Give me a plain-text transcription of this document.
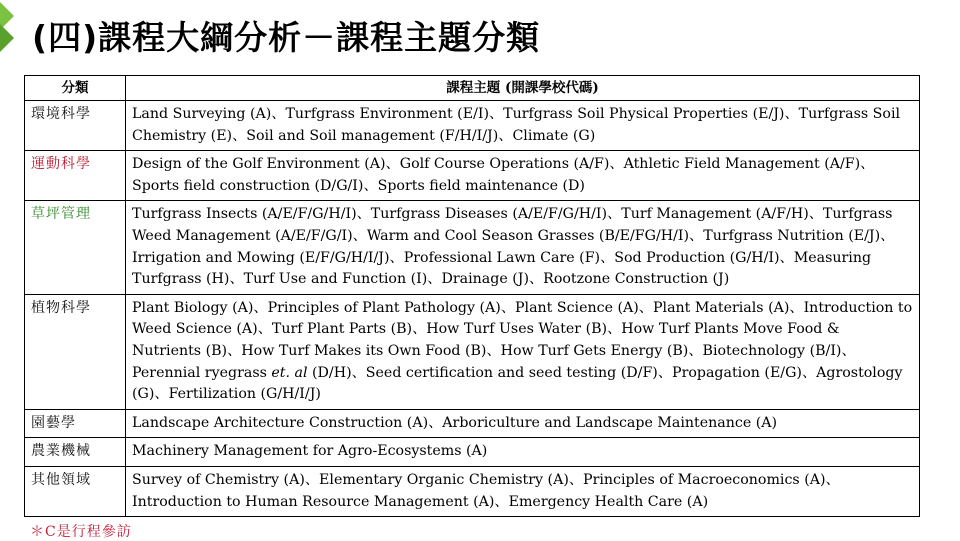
(四)課程大綱分析－課程主題分類
分類	課程主題 (開課學校代碼)
環境科學	Land Surveying (A)、Turfgrass Environment (E/I)、Turfgrass Soil Physical Properties (E/J)、Turfgrass Soil Chemistry (E)、Soil and Soil management (F/H/I/J)、Climate (G)
運動科學	Design of the Golf Environment (A)、Golf Course Operations (A/F)、Athletic Field Management (A/F)、Sports field construction (D/G/I)、Sports field maintenance (D)
草坪管理	Turfgrass Insects (A/E/F/G/H/I)、Turfgrass Diseases (A/E/F/G/H/I)、Turf Management (A/F/H)、Turfgrass Weed Management (A/E/F/G/I)、Warm and Cool Season Grasses (B/E/FG/H/I)、Turfgrass Nutrition (E/J)、Irrigation and Mowing (E/F/G/H/I/J)、Professional Lawn Care (F)、Sod Production (G/H/I)、Measuring Turfgrass (H)、Turf Use and Function (I)、Drainage (J)、Rootzone Construction (J)
植物科學	Plant Biology (A)、Principles of Plant Pathology (A)、Plant Science (A)、Plant Materials (A)、Introduction to Weed Science (A)、Turf Plant Parts (B)、How Turf Uses Water (B)、How Turf Plants Move Food & Nutrients (B)、How Turf Makes its Own Food (B)、How Turf Gets Energy (B)、Biotechnology (B/I)、Perennial ryegrass et. al (D/H)、Seed certification and seed testing (D/F)、Propagation (E/G)、Agrostology (G)、Fertilization (G/H/I/J)
園藝學	Landscape Architecture Construction (A)、Arboriculture and Landscape Maintenance (A)
農業機械	Machinery Management for Agro-Ecosystems (A)
其他領域	Survey of Chemistry (A)、Elementary Organic Chemistry (A)、Principles of Macroeconomics (A)、Introduction to Human Resource Management (A)、Emergency Health Care (A)
＊C是行程參訪
